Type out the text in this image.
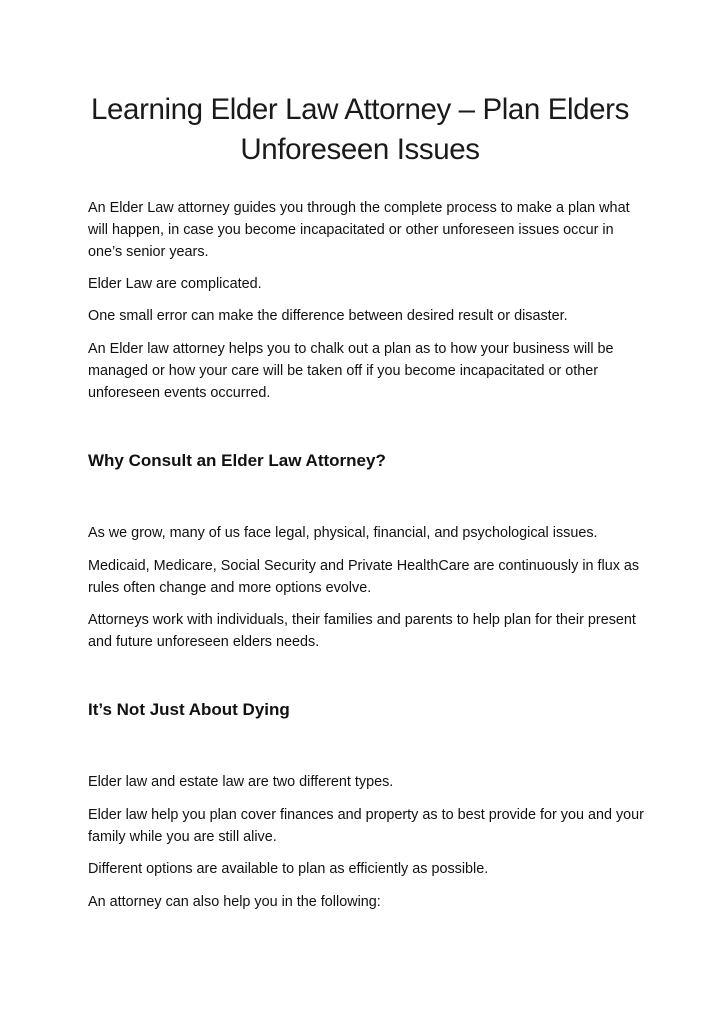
Learning Elder Law Attorney – Plan Elders Unforeseen Issues

An Elder Law attorney guides you through the complete process to make a plan what will happen, in case you become incapacitated or other unforeseen issues occur in one’s senior years.

Elder Law are complicated.

One small error can make the difference between desired result or disaster.

An Elder law attorney helps you to chalk out a plan as to how your business will be managed or how your care will be taken off if you become incapacitated or other unforeseen events occurred.

Why Consult an Elder Law Attorney?

As we grow, many of us face legal, physical, financial, and psychological issues.

Medicaid, Medicare, Social Security and Private HealthCare are continuously in flux as rules often change and more options evolve.

Attorneys work with individuals, their families and parents to help plan for their present and future unforeseen elders needs.

It’s Not Just About Dying

Elder law and estate law are two different types.

Elder law help you plan cover finances and property as to best provide for you and your family while you are still alive.

Different options are available to plan as efficiently as possible.

An attorney can also help you in the following:
